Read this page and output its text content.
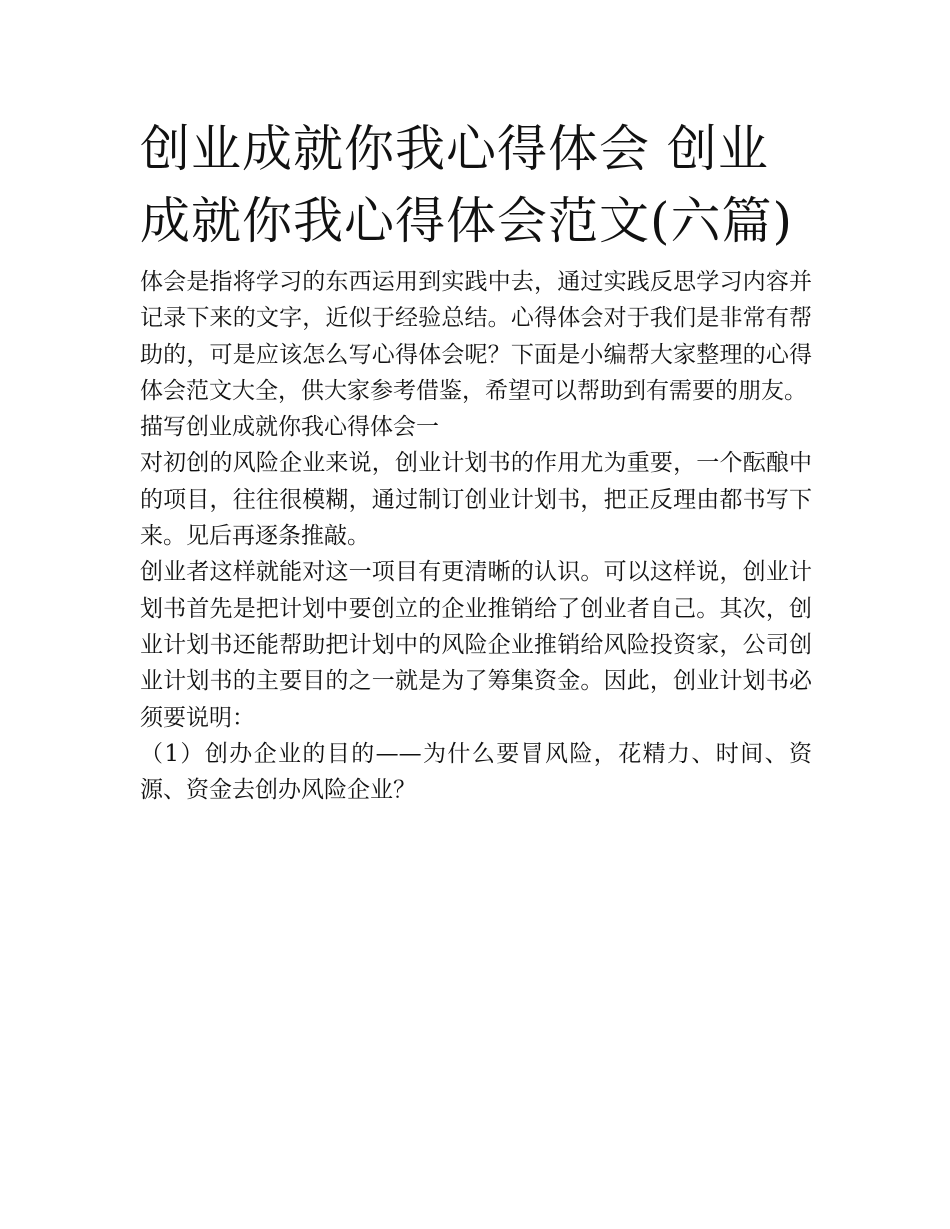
创业成就你我心得体会 创业成就你我心得体会范文(六篇)

体会是指将学习的东西运用到实践中去，通过实践反思学习内容并记录下来的文字，近似于经验总结。心得体会对于我们是非常有帮助的，可是应该怎么写心得体会呢？下面是小编帮大家整理的心得体会范文大全，供大家参考借鉴，希望可以帮助到有需要的朋友。

描写创业成就你我心得体会一

对初创的风险企业来说，创业计划书的作用尤为重要，一个酝酿中的项目，往往很模糊，通过制订创业计划书，把正反理由都书写下来。见后再逐条推敲。

创业者这样就能对这一项目有更清晰的认识。可以这样说，创业计划书首先是把计划中要创立的企业推销给了创业者自己。其次，创业计划书还能帮助把计划中的风险企业推销给风险投资家，公司创业计划书的主要目的之一就是为了筹集资金。因此，创业计划书必须要说明：

（1）创办企业的目的——为什么要冒风险，花精力、时间、资源、资金去创办风险企业？
